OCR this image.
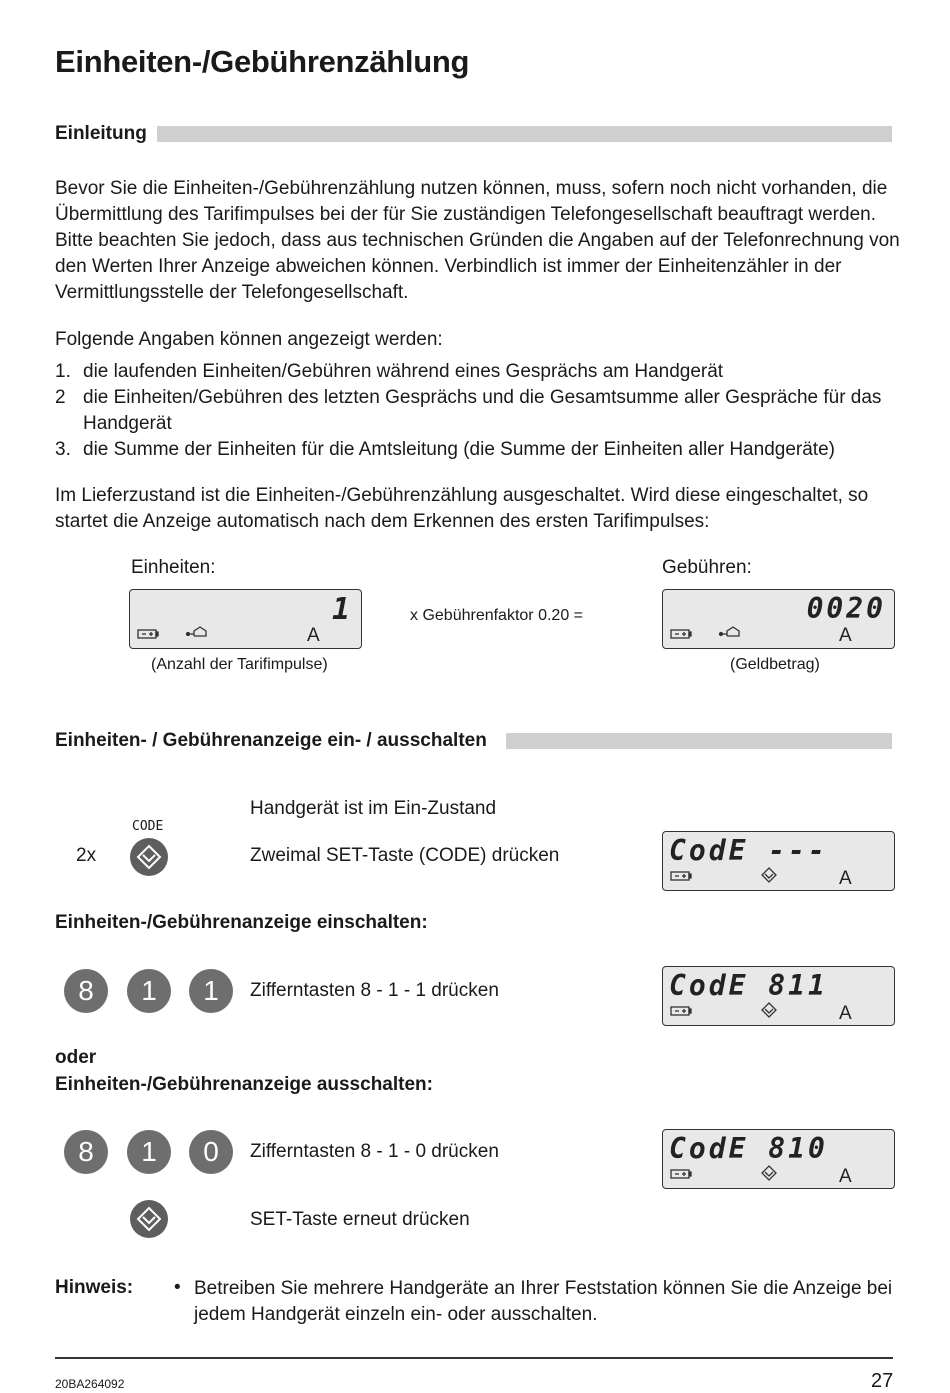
Einheiten-/Gebührenzählung
Einleitung
Bevor Sie die Einheiten-/Gebührenzählung nutzen können, muss, sofern noch nicht vorhanden, die Übermittlung des Tarifimpulses bei der für Sie zuständigen Telefongesellschaft beauftragt werden. Bitte beachten Sie jedoch, dass aus technischen Gründen die Angaben auf der Telefonrechnung von den Werten Ihrer Anzeige abweichen können. Verbindlich ist immer der Einheitenzähler in der Vermittlungsstelle der Telefongesellschaft.
Folgende Angaben können angezeigt werden:
1. die laufenden Einheiten/Gebühren während eines Gesprächs am Handgerät
2 die Einheiten/Gebühren des letzten Gesprächs und die Gesamtsumme aller Gespräche für das Handgerät
3. die Summe der Einheiten für die Amtsleitung (die Summe der Einheiten aller Handgeräte)
Im Lieferzustand ist die Einheiten-/Gebührenzählung ausgeschaltet. Wird diese eingeschaltet, so startet die Anzeige automatisch nach dem Erkennen des ersten Tarifimpulses:
Einheiten:	Gebühren:
1
A
x Gebührenfaktor 0.20 =	0020
A
(Anzahl der Tarifimpulse)	(Geldbetrag)
Einheiten- / Gebührenanzeige ein- / ausschalten
Handgerät ist im Ein-Zustand
CODE
2x	Zweimal SET-Taste (CODE) drücken	CodE ---
A
Einheiten-/Gebührenanzeige einschalten:
8	1	1	Zifferntasten 8 - 1 - 1 drücken	CodE 811
A
oder
Einheiten-/Gebührenanzeige ausschalten:
8	1	0	Zifferntasten 8 - 1 - 0 drücken	CodE 810
A
SET-Taste erneut drücken
Hinweis: • Betreiben Sie mehrere Handgeräte an Ihrer Feststation können Sie die Anzeige bei jedem Handgerät einzeln ein- oder ausschalten.
20BA264092	27
